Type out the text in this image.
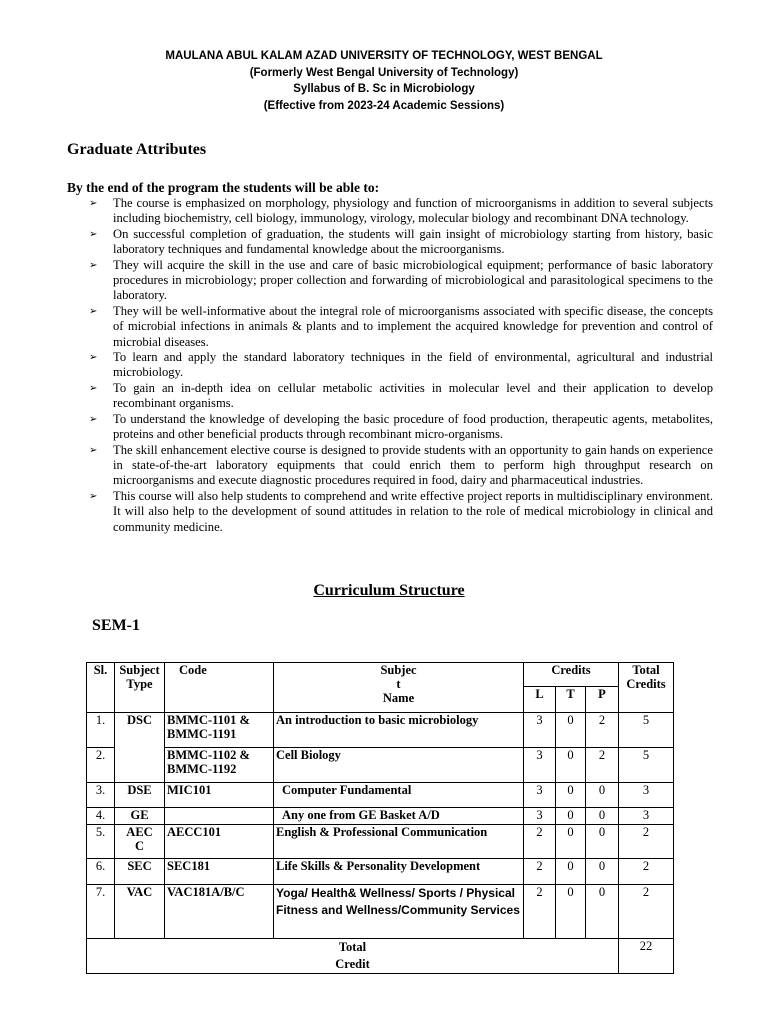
MAULANA ABUL KALAM AZAD UNIVERSITY OF TECHNOLOGY, WEST BENGAL
(Formerly West Bengal University of Technology)
Syllabus of B. Sc in Microbiology
(Effective from 2023-24 Academic Sessions)
Graduate Attributes
By the end of the program the students will be able to:
➢ The course is emphasized on morphology, physiology and function of microorganisms in addition to several subjects including biochemistry, cell biology, immunology, virology, molecular biology and recombinant DNA technology.
➢ On successful completion of graduation, the students will gain insight of microbiology starting from history, basic laboratory techniques and fundamental knowledge about the microorganisms.
➢ They will acquire the skill in the use and care of basic microbiological equipment; performance of basic laboratory procedures in microbiology; proper collection and forwarding of microbiological and parasitological specimens to the laboratory.
➢ They will be well-informative about the integral role of microorganisms associated with specific disease, the concepts of microbial infections in animals & plants and to implement the acquired knowledge for prevention and control of microbial diseases.
➢ To learn and apply the standard laboratory techniques in the field of environmental, agricultural and industrial microbiology.
➢ To gain an in-depth idea on cellular metabolic activities in molecular level and their application to develop recombinant organisms.
➢ To understand the knowledge of developing the basic procedure of food production, therapeutic agents, metabolites, proteins and other beneficial products through recombinant micro-organisms.
➢ The skill enhancement elective course is designed to provide students with an opportunity to gain hands on experience in state-of-the-art laboratory equipments that could enrich them to perform high throughput research on microorganisms and execute diagnostic procedures required in food, dairy and pharmaceutical industries.
➢ This course will also help students to comprehend and write effective project reports in multidisciplinary environment. It will also help to the development of sound attitudes in relation to the role of medical microbiology in clinical and community medicine.
Curriculum Structure
SEM-1
Sl.	Subject Type	Code	Subjec
t
Name	Credits			Total Credits
				L	T	P	
1.	DSC	BMMC-1101 & BMMC-1191	An introduction to basic microbiology	3	0	2	5
2.		BMMC-1102 & BMMC-1192	Cell Biology	3	0	2	5
3.	DSE	MIC101	Computer Fundamental	3	0	0	3
4.	GE		Any one from GE Basket A/D	3	0	0	3
5.	AEC
C	AECC101	English & Professional Communication	2	0	0	2
6.	SEC	SEC181	Life Skills & Personality Development	2	0	0	2
7.	VAC	VAC181A/B/C	Yoga/ Health& Wellness/ Sports / Physical Fitness and Wellness/Community Services	2	0	0	2
Total
Credit							22
